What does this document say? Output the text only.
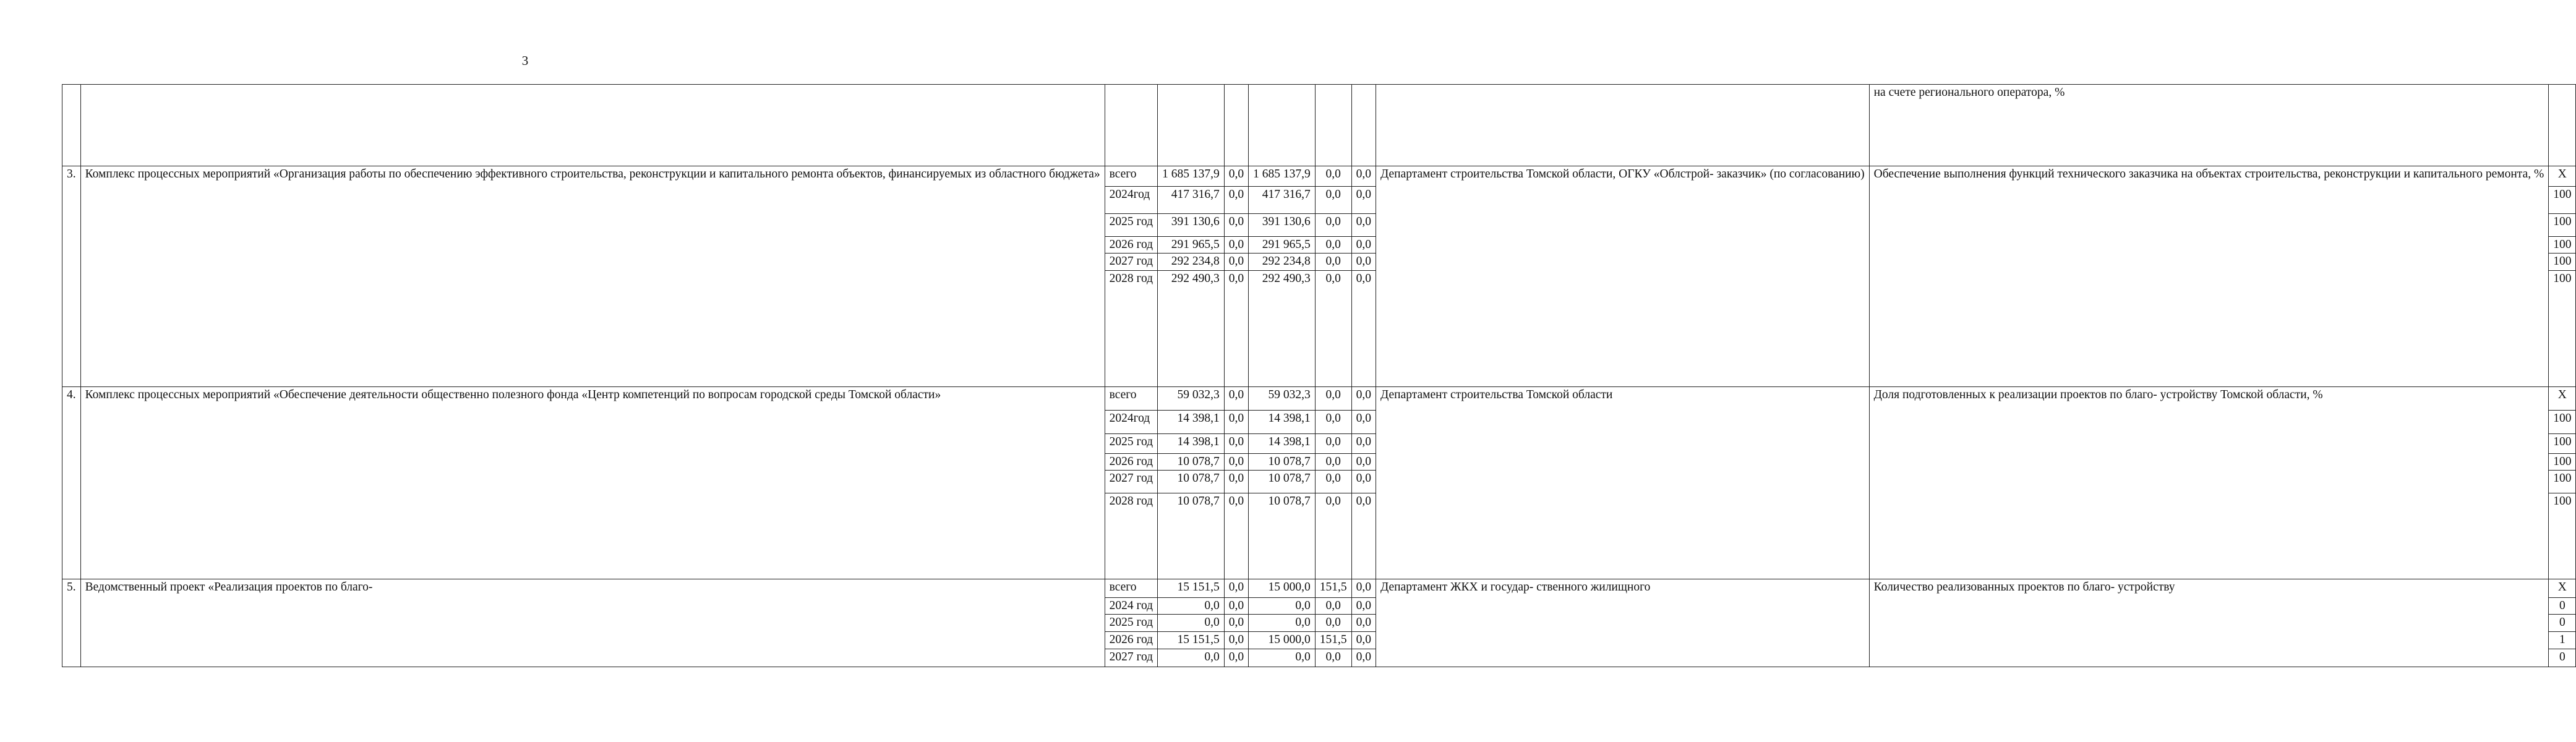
3
									на счете регионального оператора, %	
3.	Комплекс процессных мероприятий «Организация работы по обеспечению эффективного строительства, реконструкции и капитального ремонта объектов, финансируемых из областного бюджета»	всего	1 685 137,9	0,0	1 685 137,9	0,0	0,0	Департамент строительства Томской области, ОГКУ «Облстрой- заказчик» (по согласованию)	Обеспечение выполнения функций технического заказчика на объектах строительства, реконструкции и капитального ремонта, %	Х
		2024год	417 316,7	0,0	417 316,7	0,0	0,0			100
		2025 год	391 130,6	0,0	391 130,6	0,0	0,0			100
		2026 год	291 965,5	0,0	291 965,5	0,0	0,0			100
		2027 год	292 234,8	0,0	292 234,8	0,0	0,0			100
		2028 год	292 490,3	0,0	292 490,3	0,0	0,0			100
4.	Комплекс процессных мероприятий «Обеспечение деятельности общественно полезного фонда «Центр компетенций по вопросам городской среды Томской области»	всего	59 032,3	0,0	59 032,3	0,0	0,0	Департамент строительства Томской области	Доля подготовленных к реализации проектов по благо- устройству Томской области, %	Х
		2024год	14 398,1	0,0	14 398,1	0,0	0,0			100
		2025 год	14 398,1	0,0	14 398,1	0,0	0,0			100
		2026 год	10 078,7	0,0	10 078,7	0,0	0,0			100
		2027 год	10 078,7	0,0	10 078,7	0,0	0,0			100
		2028 год	10 078,7	0,0	10 078,7	0,0	0,0			100
5.	Ведомственный проект «Реализация проектов по благо-	всего	15 151,5	0,0	15 000,0	151,5	0,0	Департамент ЖКХ и государ- ственного жилищного	Количество реализованных проектов по благо- устройству	Х
		2024 год	0,0	0,0	0,0	0,0	0,0			0
		2025 год	0,0	0,0	0,0	0,0	0,0			0
		2026 год	15 151,5	0,0	15 000,0	151,5	0,0			1
		2027 год	0,0	0,0	0,0	0,0	0,0			0
